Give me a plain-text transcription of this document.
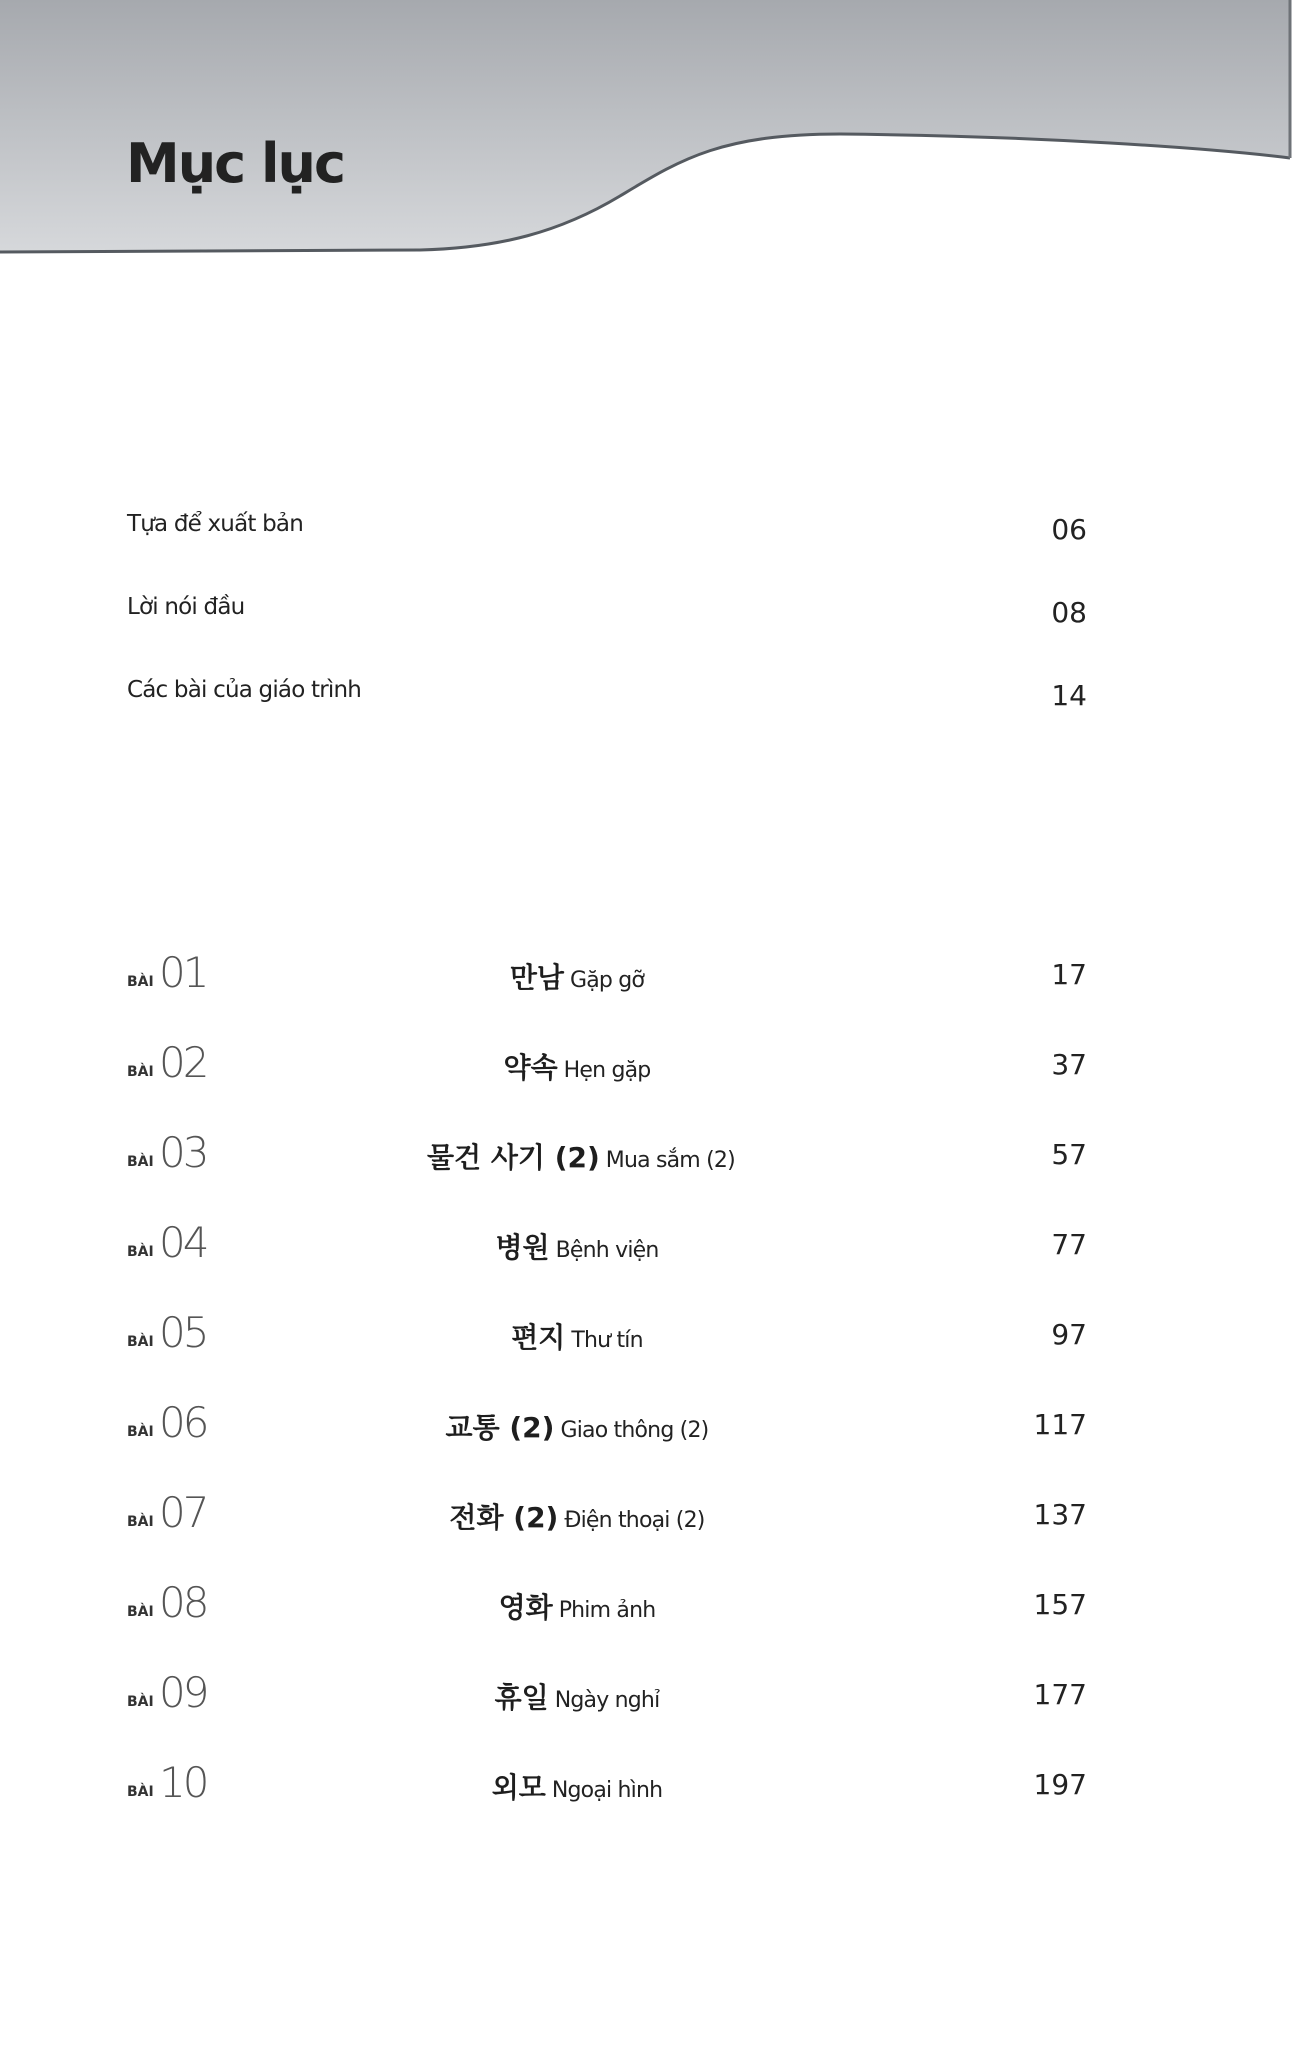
Mục lục
Tựa để xuất bản	06
Lời nói đầu	08
Các bài của giáo trình	14
BÀI 01	만남 Gặp gỡ	17
BÀI 02	약속 Hẹn gặp	37
BÀI 03	물건 사기 (2) Mua sắm (2)	57
BÀI 04	병원 Bệnh viện	77
BÀI 05	편지 Thư tín	97
BÀI 06	교통 (2) Giao thông (2)	117
BÀI 07	전화 (2) Điện thoại (2)	137
BÀI 08	영화 Phim ảnh	157
BÀI 09	휴일 Ngày nghỉ	177
BÀI 10	외모 Ngoại hình	197
